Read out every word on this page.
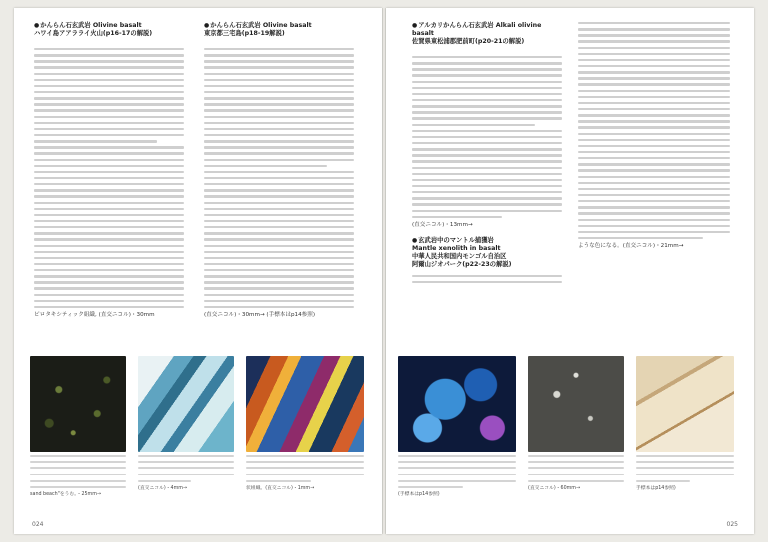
●かんらん石玄武岩 Olivine basalt
ハワイ島アアラライ火山(p16-17の解説)
ピロタキシティック組織, (直交ニコル)・30mm
●かんらん石玄武岩 Olivine basalt
東京都三宅島(p18-19解説)
(直交ニコル)・30mm→ (手標本はp14参照)
sand beach"をうむ。・25mm→
(直交ニコル)・4mm→	状組織。(直交ニコル)・1mm→
024
●アルカリかんらん石玄武岩 Alkali olivine basalt
佐賀県東松浦郡肥前町(p20-21の解説)
(直交ニコル)・13mm→
●玄武岩中のマントル捕獲岩
Mantle xenolith in basalt
中華人民共和国内モンゴル自治区
阿爾山ジオパーク(p22-23の解説)
ような色になる。(直交ニコル)・21mm→
(手標本はp14参照)
(直交ニコル)・60mm→	手標本はp14参照)
025
